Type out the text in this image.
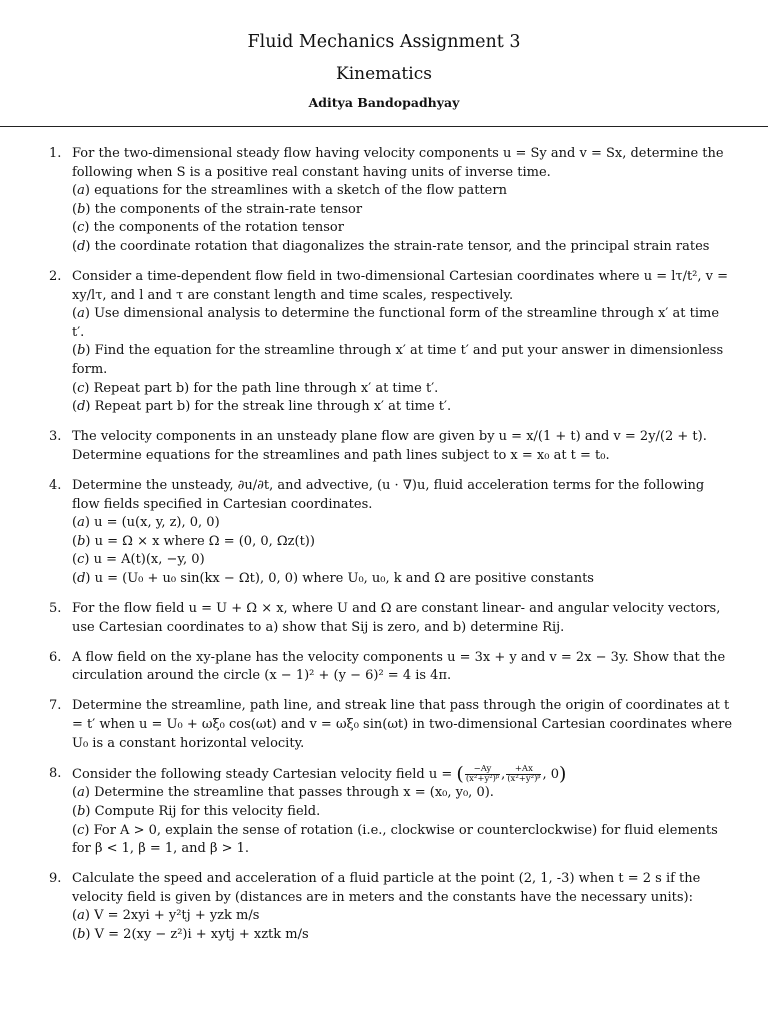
Fluid Mechanics Assignment 3
Kinematics
Aditya Bandopadhyay
1. For the two-dimensional steady flow having velocity components u = Sy and v = Sx, determine the following when S is a positive real constant having units of inverse time.

(a) equations for the streamlines with a sketch of the flow pattern

(b) the components of the strain-rate tensor

(c) the components of the rotation tensor

(d) the coordinate rotation that diagonalizes the strain-rate tensor, and the principal strain rates

2. Consider a time-dependent flow field in two-dimensional Cartesian coordinates where u = lτ/t², v = xy/lτ, and l and τ are constant length and time scales, respectively.

(a) Use dimensional analysis to determine the functional form of the streamline through x′ at time t′.

(b) Find the equation for the streamline through x′ at time t′ and put your answer in dimensionless form.

(c) Repeat part b) for the path line through x′ at time t′.

(d) Repeat part b) for the streak line through x′ at time t′.

3. The velocity components in an unsteady plane flow are given by u = x/(1 + t) and v = 2y/(2 + t). Determine equations for the streamlines and path lines subject to x = x₀ at t = t₀.

4. Determine the unsteady, ∂u/∂t, and advective, (u · ∇)u, fluid acceleration terms for the following flow fields specified in Cartesian coordinates.

(a) u = (u(x, y, z), 0, 0)

(b) u = Ω × x where Ω = (0, 0, Ωz(t))

(c) u = A(t)(x, −y, 0)

(d) u = (U₀ + u₀ sin(kx − Ωt), 0, 0) where U₀, u₀, k and Ω are positive constants

5. For the flow field u = U + Ω × x, where U and Ω are constant linear- and angular velocity vectors, use Cartesian coordinates to a) show that Sij is zero, and b) determine Rij.

6. A flow field on the xy-plane has the velocity components u = 3x + y and v = 2x − 3y. Show that the circulation around the circle (x − 1)² + (y − 6)² = 4 is 4π.

7. Determine the streamline, path line, and streak line that pass through the origin of coordinates at t = t′ when u = U₀ + ωξ₀ cos(ωt) and v = ωξ₀ sin(ωt) in two-dimensional Cartesian coordinates where U₀ is a constant horizontal velocity.

8. Consider the following steady Cartesian velocity field u = ( $\frac{-Ay}{\text{(x²+y²)ᵝ}}$ , $\frac{+Ax}{\text{(x²+y²)ᵝ}}$ , 0)

(a) Determine the streamline that passes through x = (x₀, y₀, 0).

(b) Compute Rij for this velocity field.

(c) For A > 0, explain the sense of rotation (i.e., clockwise or counterclockwise) for fluid elements for β < 1, β = 1, and β > 1.

9. Calculate the speed and acceleration of a fluid particle at the point (2, 1, -3) when t = 2 s if the velocity field is given by (distances are in meters and the constants have the necessary units):

(a) V = 2xyi + y²tj + yzk m/s

(b) V = 2(xy − z²)i + xytj + xztk m/s
